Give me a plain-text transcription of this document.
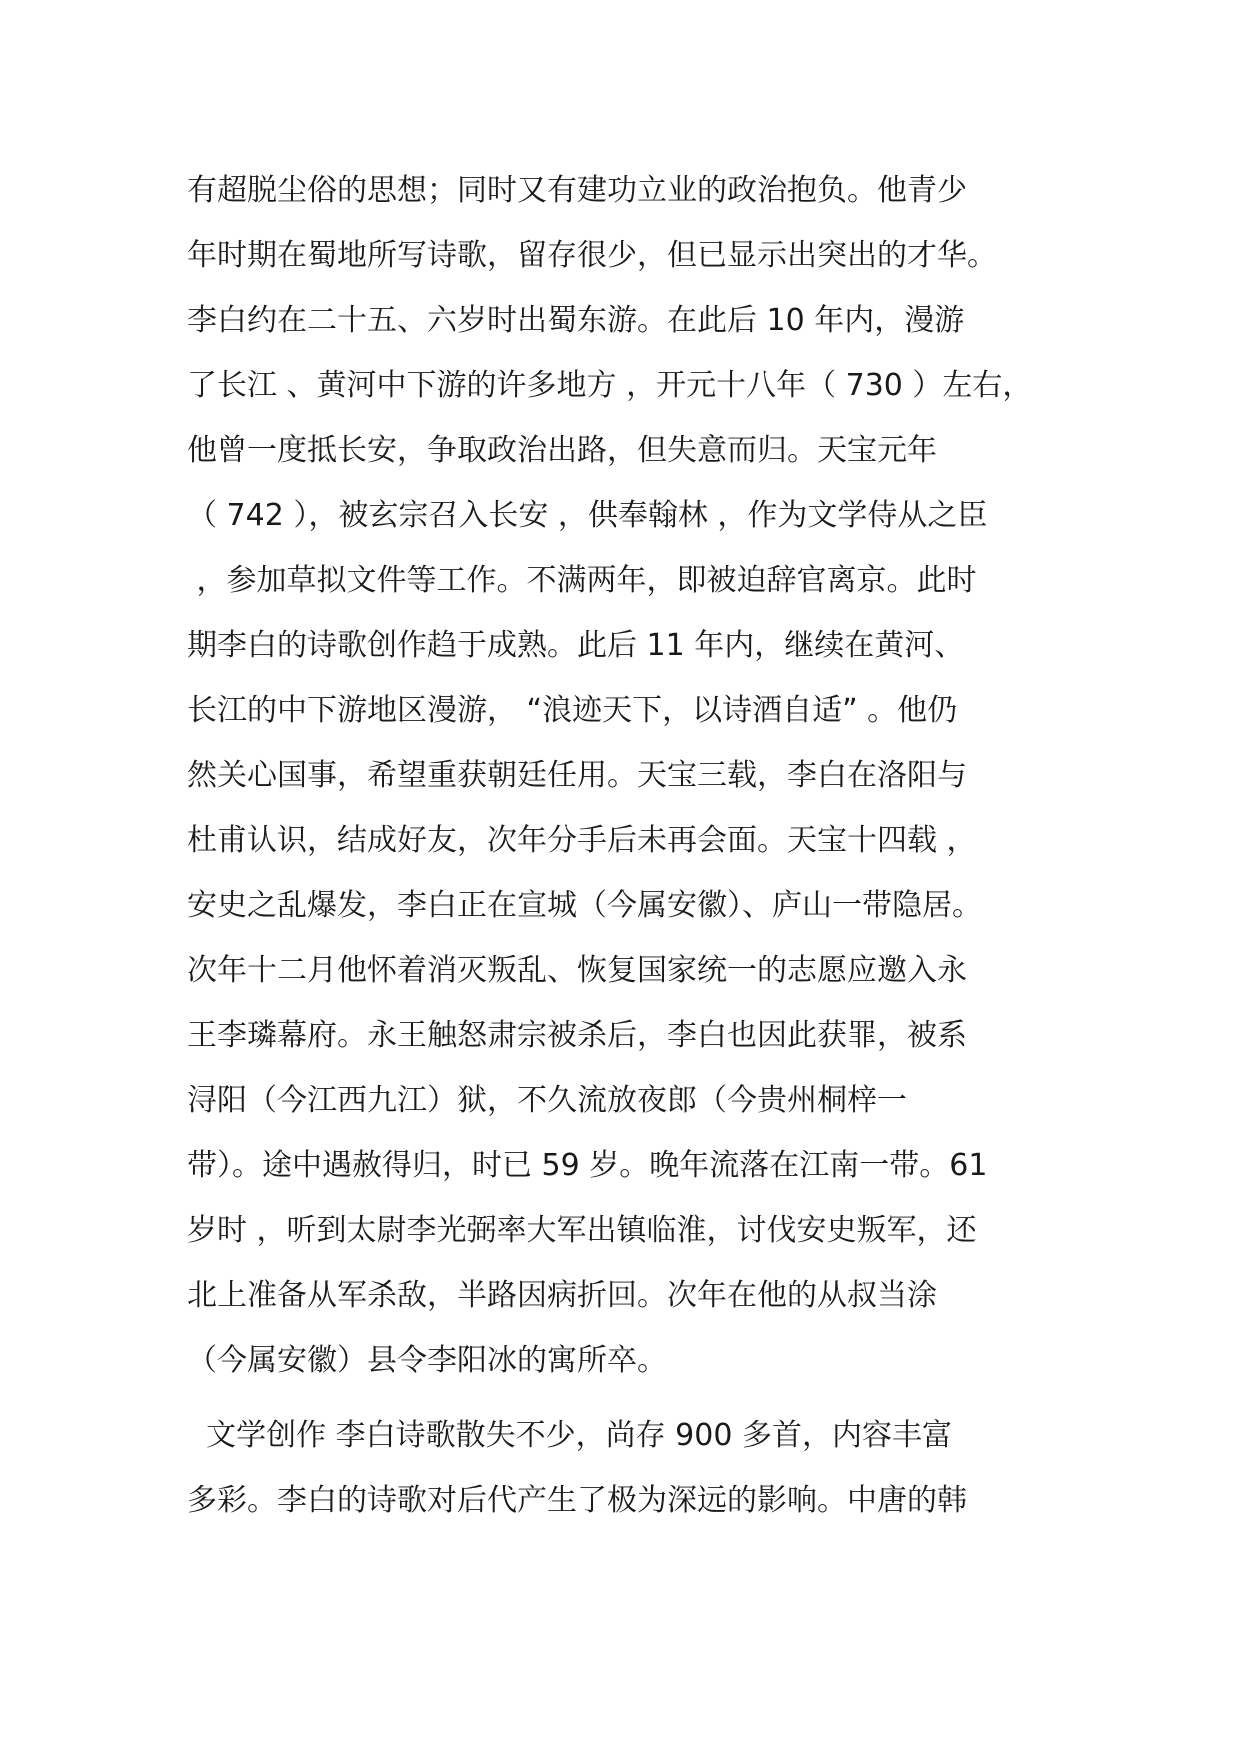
有超脱尘俗的思想；同时又有建功立业的政治抱负。他青少
年时期在蜀地所写诗歌，留存很少，但已显示出突出的才华。
李白约在二十五、六岁时出蜀东游。在此后 10 年内，漫游
了长江 、黄河中下游的许多地方 ，开元十八年（ 730 ）左右，
他曾一度抵长安，争取政治出路，但失意而归。天宝元年
（ 742 ），被玄宗召入长安 ，供奉翰林 ，作为文学侍从之臣
，参加草拟文件等工作。不满两年，即被迫辞官离京。此时
期李白的诗歌创作趋于成熟。此后 11 年内，继续在黄河、
长江的中下游地区漫游， “浪迹天下，以诗酒自适” 。他仍
然关心国事，希望重获朝廷任用。天宝三载，李白在洛阳与
杜甫认识，结成好友，次年分手后未再会面。天宝十四载 ，
安史之乱爆发，李白正在宣城（今属安徽）、庐山一带隐居。
次年十二月他怀着消灭叛乱、恢复国家统一的志愿应邀入永
王李璘幕府。永王触怒肃宗被杀后，李白也因此获罪，被系
浔阳（今江西九江）狱，不久流放夜郎（今贵州桐梓一
带）。途中遇赦得归，时已 59 岁。晚年流落在江南一带。61
岁时 ，听到太尉李光弼率大军出镇临淮，讨伐安史叛军，还
北上准备从军杀敌，半路因病折回。次年在他的从叔当涂
（今属安徽）县令李阳冰的寓所卒。
文学创作 李白诗歌散失不少，尚存 900 多首，内容丰富
多彩。李白的诗歌对后代产生了极为深远的影响。中唐的韩
